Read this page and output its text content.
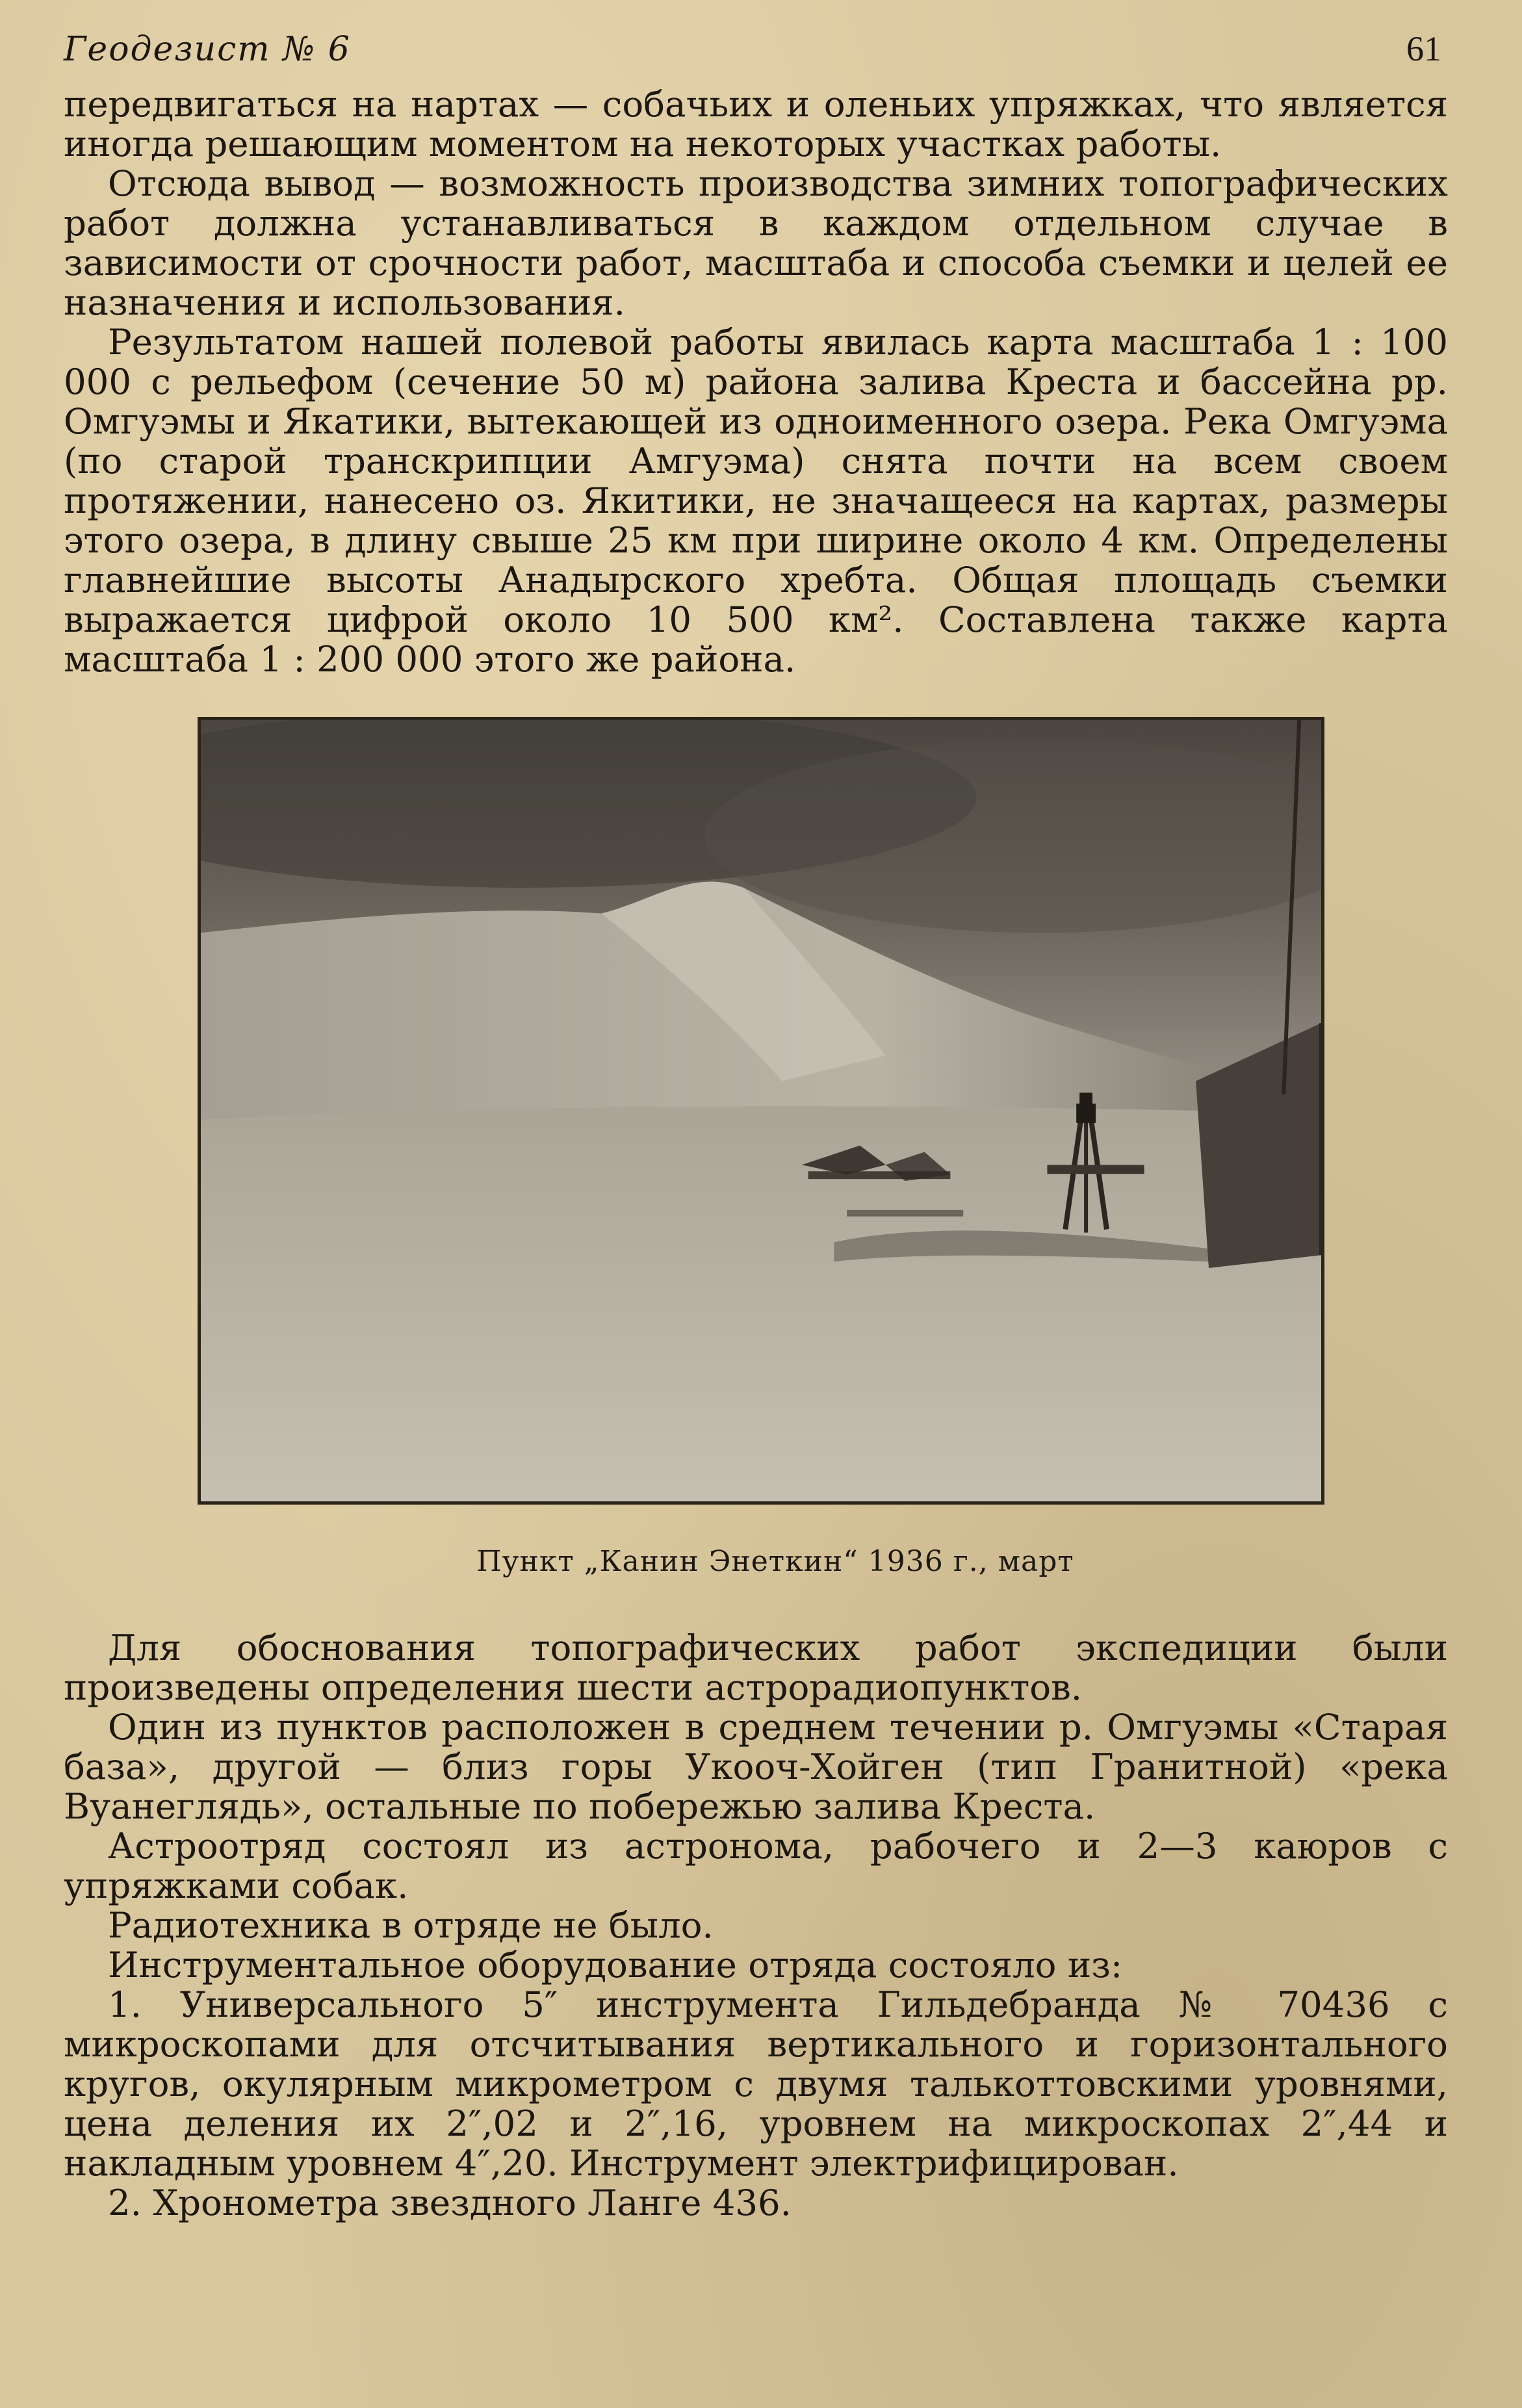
Геодезист № 6	61

передвигаться на нартах — собачьих и оленьих упряжках, что является иногда решающим моментом на некоторых участках работы.

Отсюда вывод — возможность производства зимних топографических работ должна устанавливаться в каждом отдельном случае в зависимости от срочности работ, масштаба и способа съемки и целей ее назначения и использования.

Результатом нашей полевой работы явилась карта масштаба 1 : 100 000 с рельефом (сечение 50 м) района залива Креста и бассейна рр. Омгуэмы и Якатики, вытекающей из одноименного озера. Река Омгуэма (по старой транскрипции Амгуэма) снята почти на всем своем протяжении, нанесено оз. Якитики, не значащееся на картах, размеры этого озера, в длину свыше 25 км при ширине около 4 км. Определены главнейшие высоты Анадырского хребта. Общая площадь съемки выражается цифрой около 10 500 км². Составлена также карта масштаба 1 : 200 000 этого же района.

Пункт „Канин Энеткин“ 1936 г., март

Для обоснования топографических работ экспедиции были произведены определения шести астрорадиопунктов.

Один из пунктов расположен в среднем течении р. Омгуэмы «Старая база», другой — близ горы Укооч-Хойген (тип Гранитной) «река Вуанеглядь», остальные по побережью залива Креста.

Астроотряд состоял из астронома, рабочего и 2—3 каюров с упряжками собак.

Радиотехника в отряде не было.

Инструментальное оборудование отряда состояло из:

1. Универсального 5″ инструмента Гильдебранда № 70436 с микроскопами для отсчитывания вертикального и горизонтального кругов, окулярным микрометром с двумя талькоттовскими уровнями, цена деления их 2″,02 и 2″,16, уровнем на микроскопах 2″,44 и накладным уровнем 4″,20. Инструмент электрифицирован.

2. Хронометра звездного Ланге 436.
